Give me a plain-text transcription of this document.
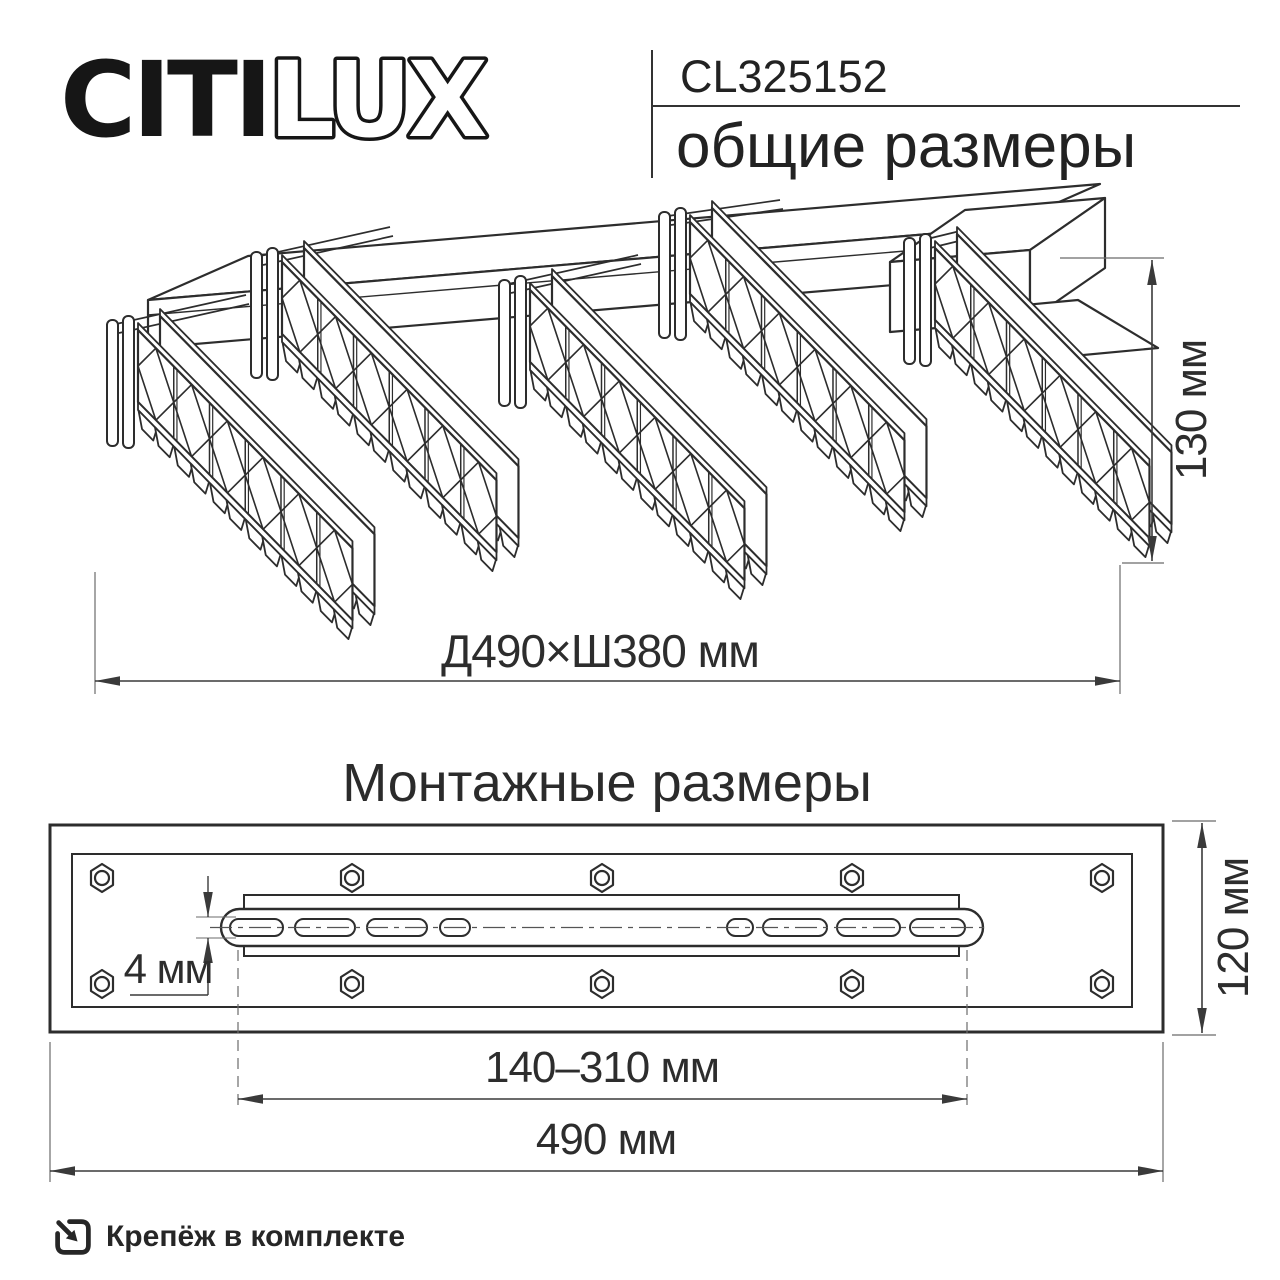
CITILUX	CL325152
общие размеры
130 мм
Д490×Ш380 мм
Монтажные размеры
4 мм	120 мм
140–310 мм
490 мм
Крепёж в комплекте
